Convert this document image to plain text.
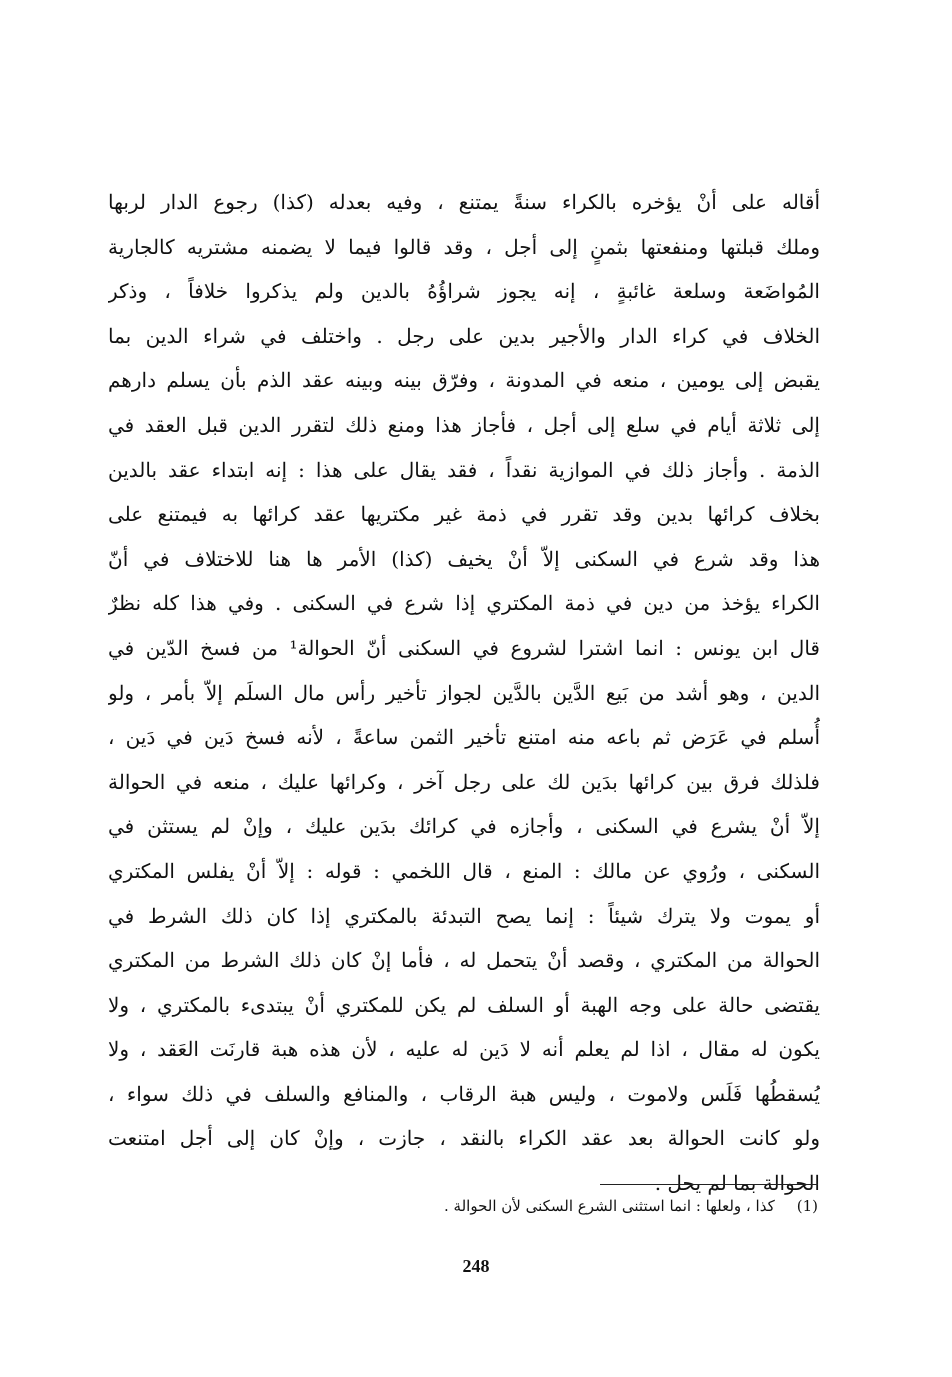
أقاله على أنْ يؤخره بالكراء سنةً يمتنع ، وفيه بعدله (كذا) رجوع الدار لربها
وملك قبلتها ومنفعتها بثمنٍ إلى أجل ، وقد قالوا فيما لا يضمنه مشتريه كالجارية
المُواضَعة وسلعة غائبةٍ ، إنه يجوز شراؤُهُ بالدين ولم يذكروا خلافاً ، وذكر
الخلاف في كراء الدار والأجير بدين على رجل . واختلف في شراء الدين بما
يقبض إلى يومين ، منعه في المدونة ، وفرّق بينه وبينه عقد الذم بأن يسلم دارهم
إلى ثلاثة أيام في سلع إلى أجل ، فأجاز هذا ومنع ذلك لتقرر الدين قبل العقد في
الذمة . وأجاز ذلك في الموازية نقداً ، فقد يقال على هذا : إنه ابتداء عقد بالدين
بخلاف كرائها بدين وقد تقرر في ذمة غير مكتريها عقد كرائها به فيمتنع على
هذا وقد شرع في السكنى إلاّ أنْ يخيف (كذا) الأمر ها هنا للاختلاف في أنّ
الكراء يؤخذ من دين في ذمة المكتري إذا شرع في السكنى . وفي هذا كله نظرٌ
قال ابن يونس : انما اشترا لشروع في السكنى أنّ الحوالة¹ من فسخ الدّين في
الدين ، وهو أشد من بَيع الدَّين بالدَّين لجواز تأخير رأس مال السلَم إلاّ بأمر ، ولو
أُسلم في عَرَض ثم باعه منه امتنع تأخير الثمن ساعةً ، لأنه فسخ دَين في دَين ،
فلذلك فرق بين كرائها بدَين لك على رجل آخر ، وكرائها عليك ، منعه في الحوالة
إلاّ أنْ يشرع في السكنى ، وأجازه في كرائك بدَين عليك ، وإنْ لم يستثن في
السكنى ، ورُوي عن مالك : المنع ، قال اللخمي : قوله : إلاّ أنْ يفلس المكتري
أو يموت ولا يترك شيئاً : إنما يصح التبدئة بالمكتري إذا كان ذلك الشرط في
الحوالة من المكتري ، وقصد أنْ يتحمل له ، فأما إنْ كان ذلك الشرط من المكتري
يقتضى حالة على وجه الهبة أو السلف لم يكن للمكتري أنْ يبتدىء بالمكتري ، ولا
يكون له مقال ، اذا لم يعلم أنه لا دَين له عليه ، لأن هذه هبة قارنَت العَقد ، ولا
يُسقطُها فَلَس ولاموت ، وليس هبة الرقاب ، والمنافع والسلف في ذلك سواء ،
ولو كانت الحوالة بعد عقد الكراء بالنقد ، جازت ، وإنْ كان إلى أجل امتنعت
الحوالة بما لم يحل .
(1)كذا ، ولعلها : انما استثنى الشرع السكنى لأن الحوالة .
248
